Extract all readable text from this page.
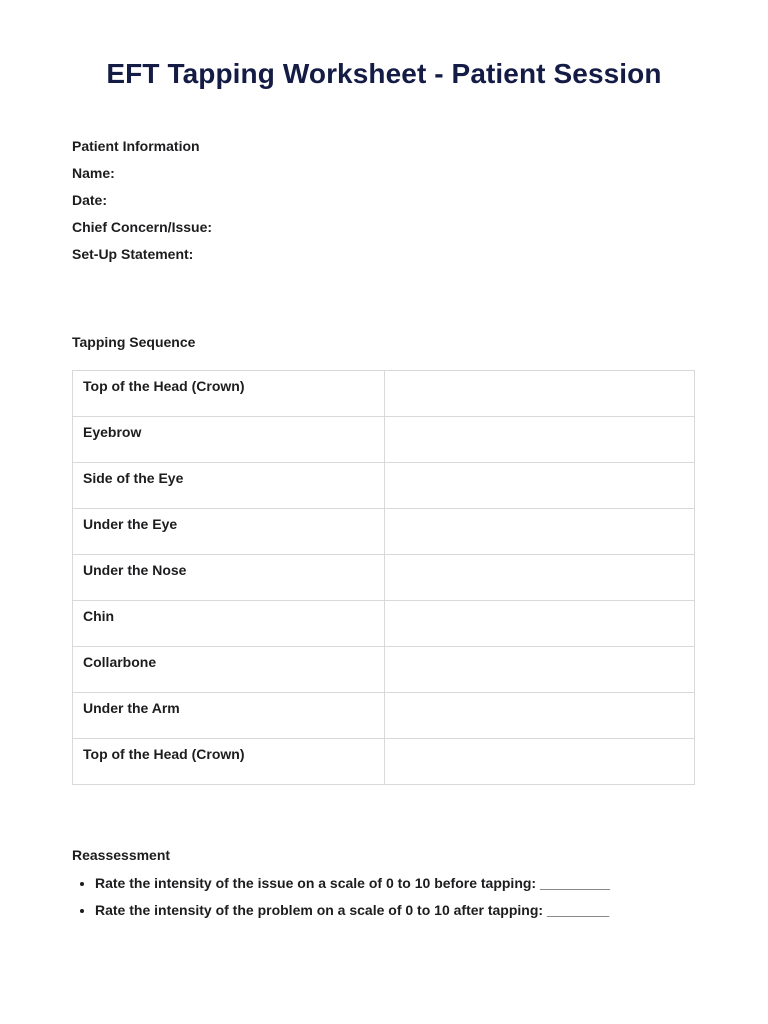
EFT Tapping Worksheet - Patient Session
Patient Information
Name:
Date:
Chief Concern/Issue:
Set-Up Statement:
Tapping Sequence
Top of the Head (Crown)	
Eyebrow	
Side of the Eye	
Under the Eye	
Under the Nose	
Chin	
Collarbone	
Under the Arm	
Top of the Head (Crown)	
Reassessment
• Rate the intensity of the issue on a scale of 0 to 10 before tapping: _________
• Rate the intensity of the problem on a scale of 0 to 10 after tapping: ________
